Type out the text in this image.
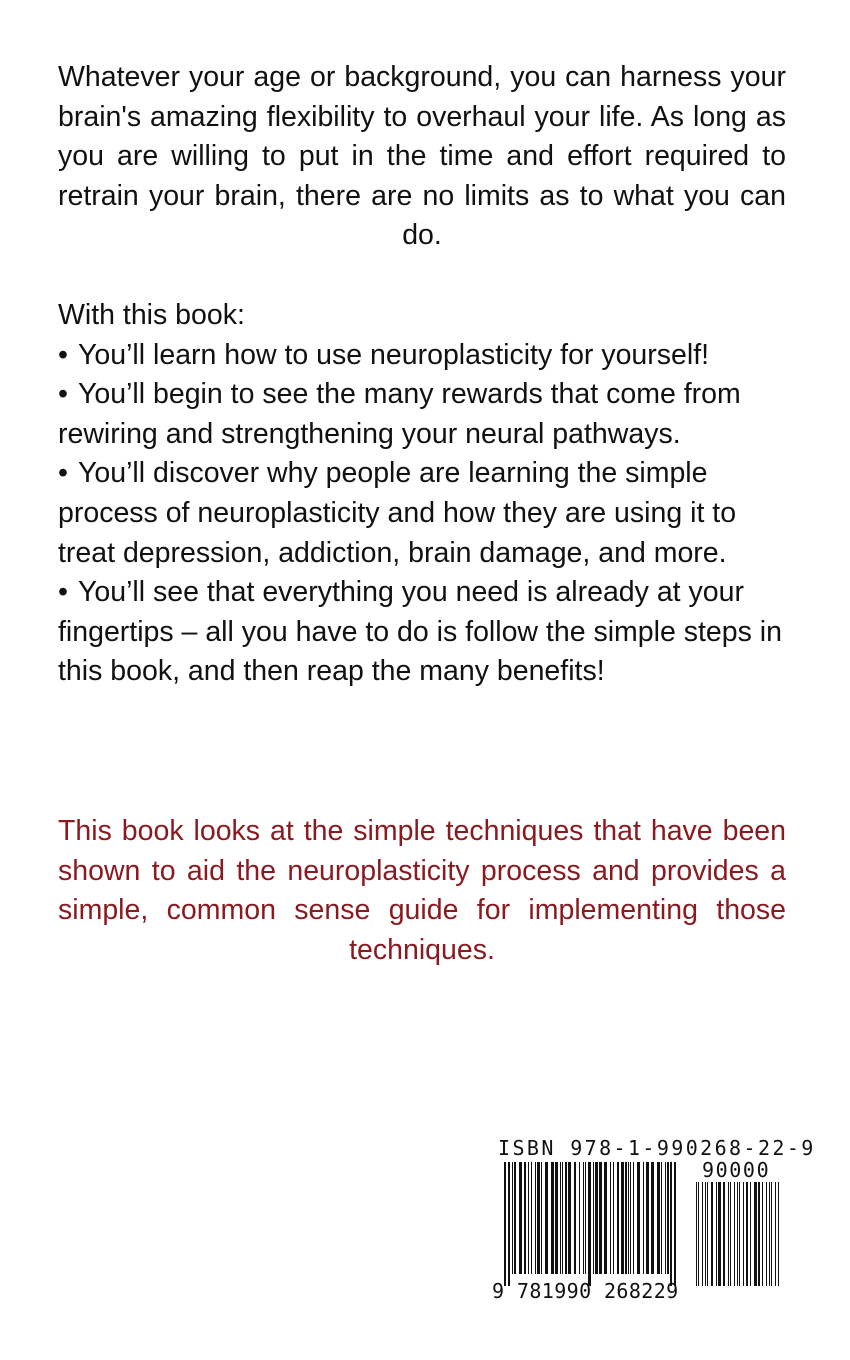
Whatever your age or background, you can harness your brain's amazing flexibility to overhaul your life. As long as you are willing to put in the time and effort required to retrain your brain, there are no limits as to what you can do.

With this book:

• You’ll learn how to use neuroplasticity for yourself!
• You’ll begin to see the many rewards that come from rewiring and strengthening your neural pathways.
• You’ll discover why people are learning the simple process of neuroplasticity and how they are using it to treat depression, addiction, brain damage, and more.
• You’ll see that everything you need is already at your fingertips – all you have to do is follow the simple steps in this book, and then reap the many benefits!

This book looks at the simple techniques that have been shown to aid the neuroplasticity process and provides a simple, common sense guide for implementing those techniques.

ISBN 978-1-990268-22-9
90000
9 781990 268229
